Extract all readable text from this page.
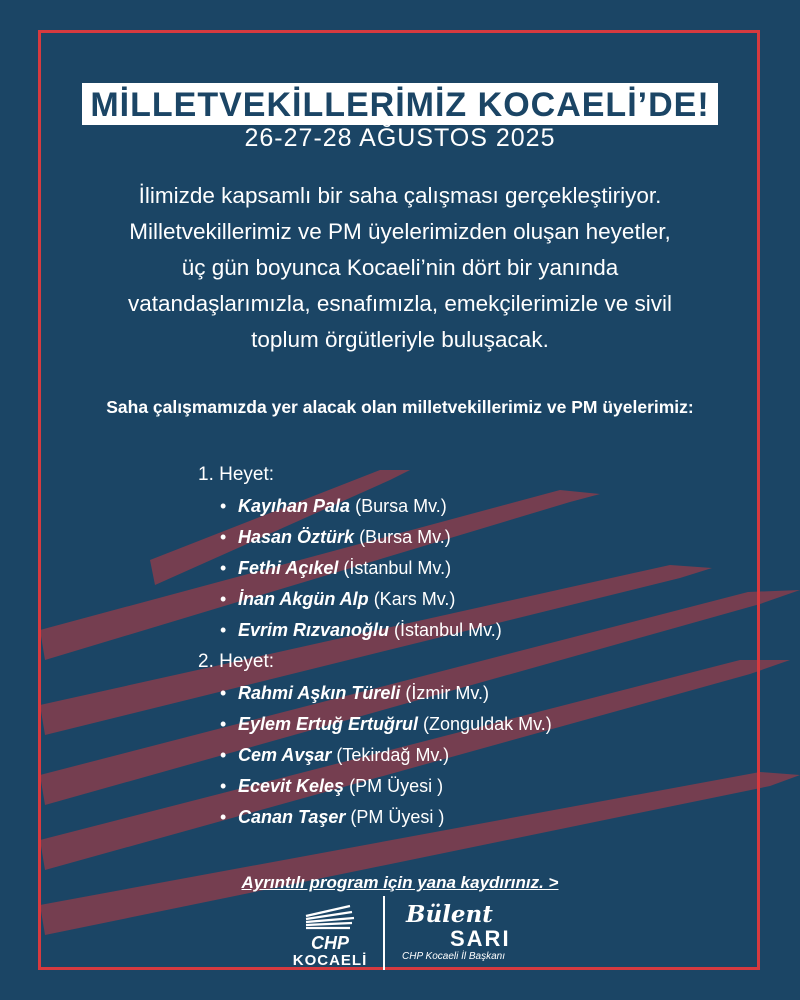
MİLLETVEKİLLERİMİZ KOCAELİ’DE!
26-27-28 AĞUSTOS 2025
İlimizde kapsamlı bir saha çalışması gerçekleştiriyor.
Milletvekillerimiz ve PM üyelerimizden oluşan heyetler,
üç gün boyunca Kocaeli’nin dört bir yanında
vatandaşlarımızla, esnafımızla, emekçilerimizle ve sivil
toplum örgütleriyle buluşacak.
Saha çalışmamızda yer alacak olan milletvekillerimiz ve PM üyelerimiz:
1. Heyet:
• Kayıhan Pala (Bursa Mv.)
• Hasan Öztürk (Bursa Mv.)
• Fethi Açıkel (İstanbul Mv.)
• İnan Akgün Alp (Kars Mv.)
• Evrim Rızvanoğlu (İstanbul Mv.)
2. Heyet:
• Rahmi Aşkın Türeli (İzmir Mv.)
• Eylem Ertuğ Ertuğrul (Zonguldak Mv.)
• Cem Avşar (Tekirdağ Mv.)
• Ecevit Keleş (PM Üyesi )
• Canan Taşer (PM Üyesi )
Ayrıntılı program için yana kaydırınız. >
CHP
KOCAELİ
Bülent
SARI
CHP Kocaeli İl Başkanı
